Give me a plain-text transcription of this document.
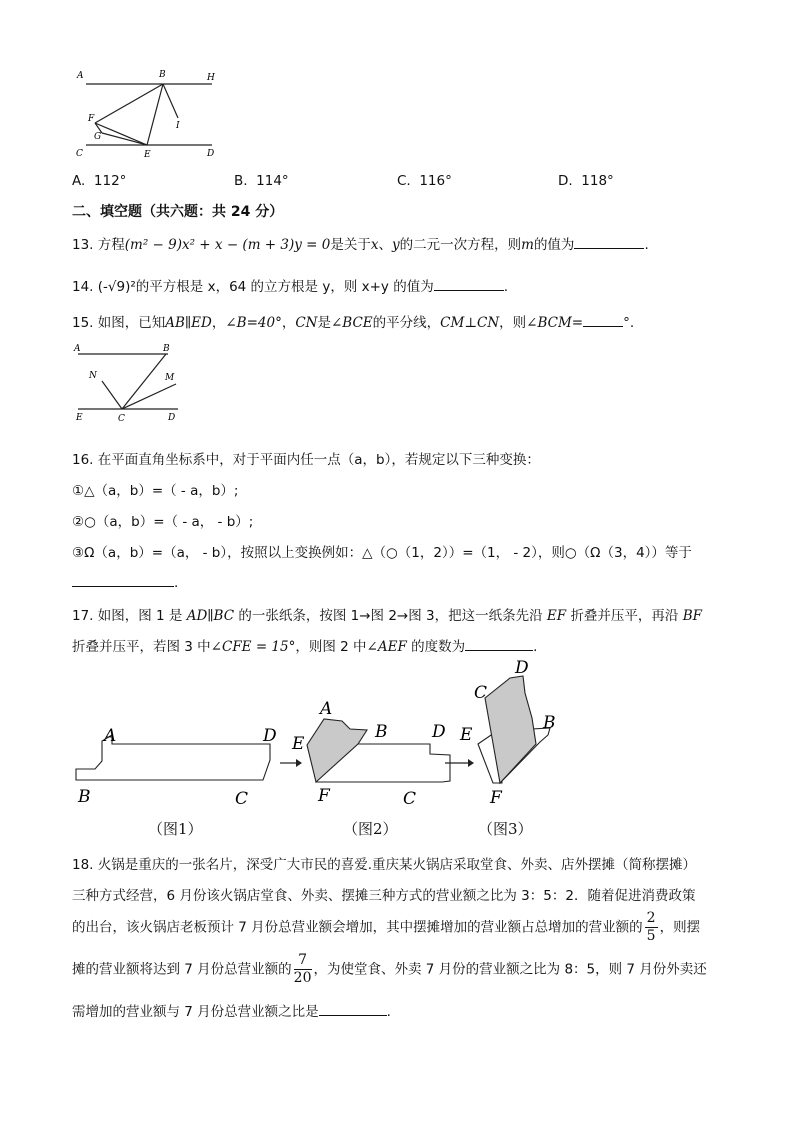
A	B	H
F
G
I
C	E	D
A. 112°	B. 114°	C. 116°	D. 118°
二、填空题（共六题：共 24 分）
13. 方程(m² − 9)x² + x − (m + 3)y = 0是关于x、y的二元一次方程，则m的值为	.
14. (-√9)²的平方根是 x，64 的立方根是 y，则 x+y 的值为	.
15. 如图，已知AB∥ED，∠B=40°，CN是∠BCE的平分线，CM⊥CN，则∠BCM=	°.
A	B
N	M
E	C	D
16. 在平面直角坐标系中，对于平面内任一点（a，b），若规定以下三种变换：
①△（a，b）=（ - a，b）;
②○（a，b）=（ - a， - b）;
③Ω（a，b）=（a， - b），按照以上变换例如：△（○（1，2））=（1， - 2），则○（Ω（3，4））等于
.
17. 如图，图 1 是 AD∥BC 的一张纸条，按图 1→图 2→图 3，把这一纸条先沿 EF 折叠并压平，再沿 BF
折叠并压平，若图 3 中∠CFE = 15°，则图 2 中∠AEF 的度数为	.
A	D
B	C
A
B
E
D
F	C
C
D
E
B
F
（图1）	（图2）	（图3）
18. 火锅是重庆的一张名片，深受广大市民的喜爱.重庆某火锅店采取堂食、外卖、店外摆摊（简称摆摊）
三种方式经营，6 月份该火锅店堂食、外卖、摆摊三种方式的营业额之比为 3：5：2．随着促进消费政策
的出台，该火锅店老板预计 7 月份总营业额会增加，其中摆摊增加的营业额占总增加的营业额的 $\frac{2}{5}$ ，则摆
摊的营业额将达到 7 月份总营业额的 $\frac{7}{20}$ ，为使堂食、外卖 7 月份的营业额之比为 8：5，则 7 月份外卖还
需增加的营业额与 7 月份总营业额之比是	.
